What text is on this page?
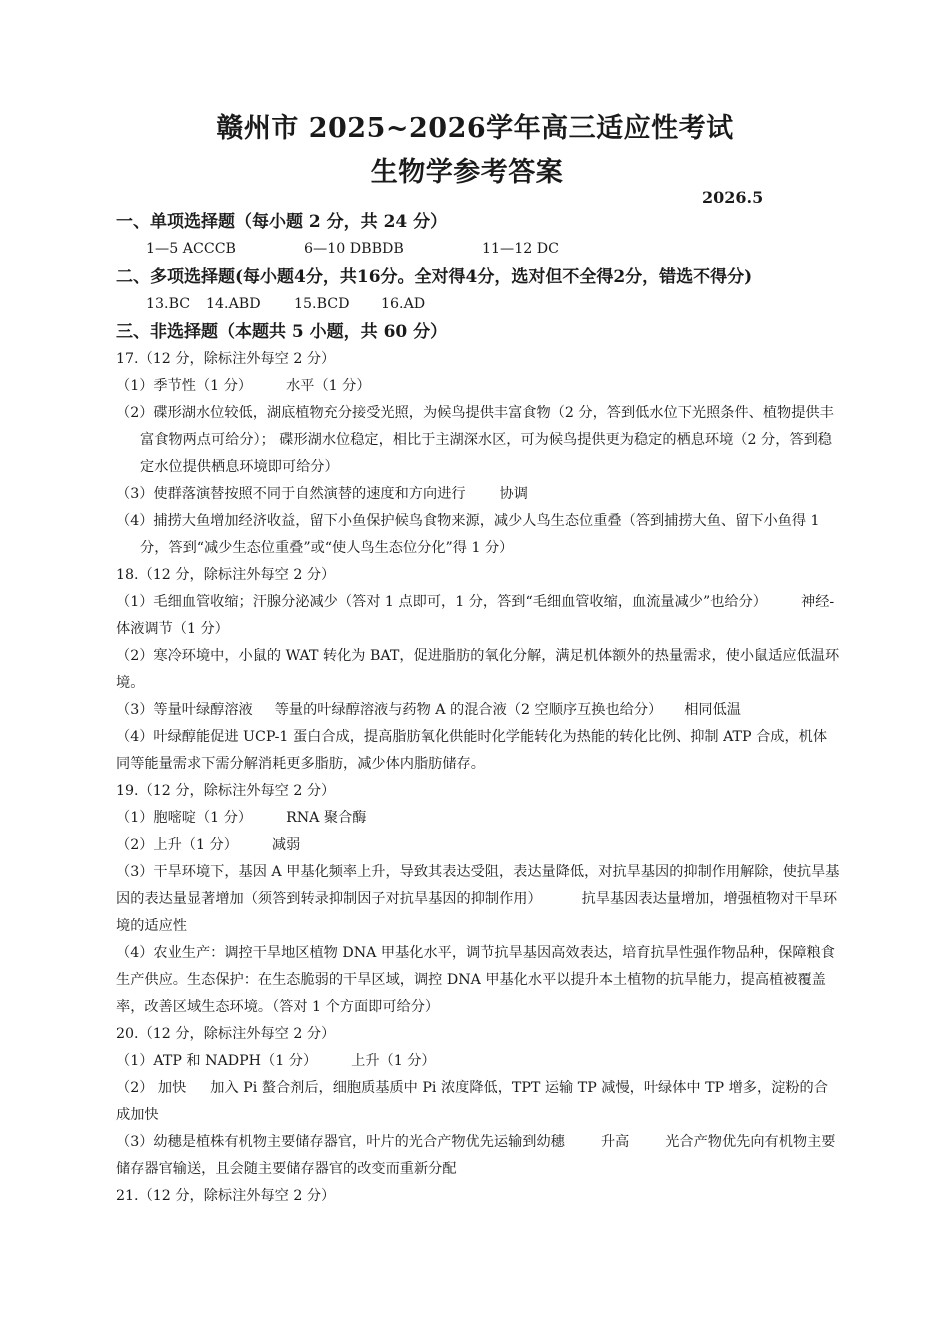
赣州市 2025~2026学年高三适应性考试
生物学参考答案
2026.5

一、单项选择题（每小题 2 分，共 24 分）

1—5 ACCCB	6—10 DBBDB	11—12 DC

二、多项选择题(每小题4分，共16分。全对得4分，选对但不全得2分，错选不得分)

13.BC 14.ABD 15.BCD 16.AD

三、非选择题（本题共 5 小题，共 60 分）

17.（12 分，除标注外每空 2 分）

（1）季节性（1 分） 水平（1 分）

（2）碟形湖水位较低，湖底植物充分接受光照，为候鸟提供丰富食物（2 分，答到低水位下光照条件、植物提供丰富食物两点可给分）； 碟形湖水位稳定，相比于主湖深水区，可为候鸟提供更为稳定的栖息环境（2 分，答到稳定水位提供栖息环境即可给分）

（3）使群落演替按照不同于自然演替的速度和方向进行 协调

（4）捕捞大鱼增加经济收益，留下小鱼保护候鸟食物来源，减少人鸟生态位重叠（答到捕捞大鱼、留下小鱼得 1 分，答到“减少生态位重叠”或“使人鸟生态位分化”得 1 分）

18.（12 分，除标注外每空 2 分）

（1）毛细血管收缩；汗腺分泌减少（答对 1 点即可，1 分，答到“毛细血管收缩，血流量减少”也给分） 神经-体液调节（1 分）

（2）寒冷环境中，小鼠的 WAT 转化为 BAT，促进脂肪的氧化分解，满足机体额外的热量需求，使小鼠适应低温环境。

（3）等量叶绿醇溶液 等量的叶绿醇溶液与药物 A 的混合液（2 空顺序互换也给分） 相同低温

（4）叶绿醇能促进 UCP-1 蛋白合成，提高脂肪氧化供能时化学能转化为热能的转化比例、抑制 ATP 合成，机体同等能量需求下需分解消耗更多脂肪，减少体内脂肪储存。

19.（12 分，除标注外每空 2 分）

（1）胞嘧啶（1 分） RNA 聚合酶

（2）上升（1 分） 减弱

（3）干旱环境下，基因 A 甲基化频率上升，导致其表达受阻，表达量降低，对抗旱基因的抑制作用解除，使抗旱基因的表达量显著增加（须答到转录抑制因子对抗旱基因的抑制作用）	抗旱基因表达量增加，增强植物对干旱环境的适应性

（4）农业生产：调控干旱地区植物 DNA 甲基化水平，调节抗旱基因高效表达，培育抗旱性强作物品种，保障粮食生产供应。生态保护：在生态脆弱的干旱区域，调控 DNA 甲基化水平以提升本土植物的抗旱能力，提高植被覆盖率，改善区域生态环境。（答对 1 个方面即可给分）

20.（12 分，除标注外每空 2 分）

（1）ATP 和 NADPH（1 分） 上升（1 分）

（2） 加快 加入 Pi 螯合剂后，细胞质基质中 Pi 浓度降低，TPT 运输 TP 减慢，叶绿体中 TP 增多，淀粉的合成加快

（3）幼穗是植株有机物主要储存器官，叶片的光合产物优先运输到幼穗	升高	光合产物优先向有机物主要储存器官输送，且会随主要储存器官的改变而重新分配

21.（12 分，除标注外每空 2 分）
